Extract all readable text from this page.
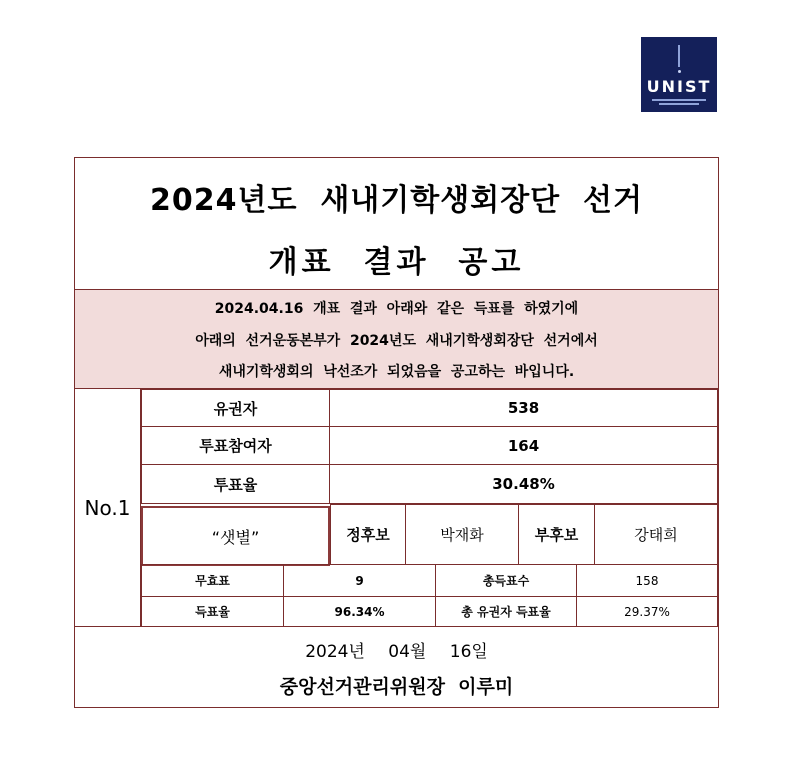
UNIST
2024년도  새내기학생회장단  선거
개표  결과  공고
2024.04.16  개표  결과  아래와  같은  득표를  하였기에
아래의  선거운동본부가  2024년도  새내기학생회장단  선거에서
새내기학생회의  낙선조가  되었음을  공고하는  바입니다.
No.1
유권자	538
투표참여자	164
투표율	30.48%
“샛별”	정후보	박재화	부후보	강태희
무효표	9	총득표수	158
득표율	96.34%	총 유권자 득표율	29.37%
2024년 04월 16일
중앙선거관리위원장  이루미
